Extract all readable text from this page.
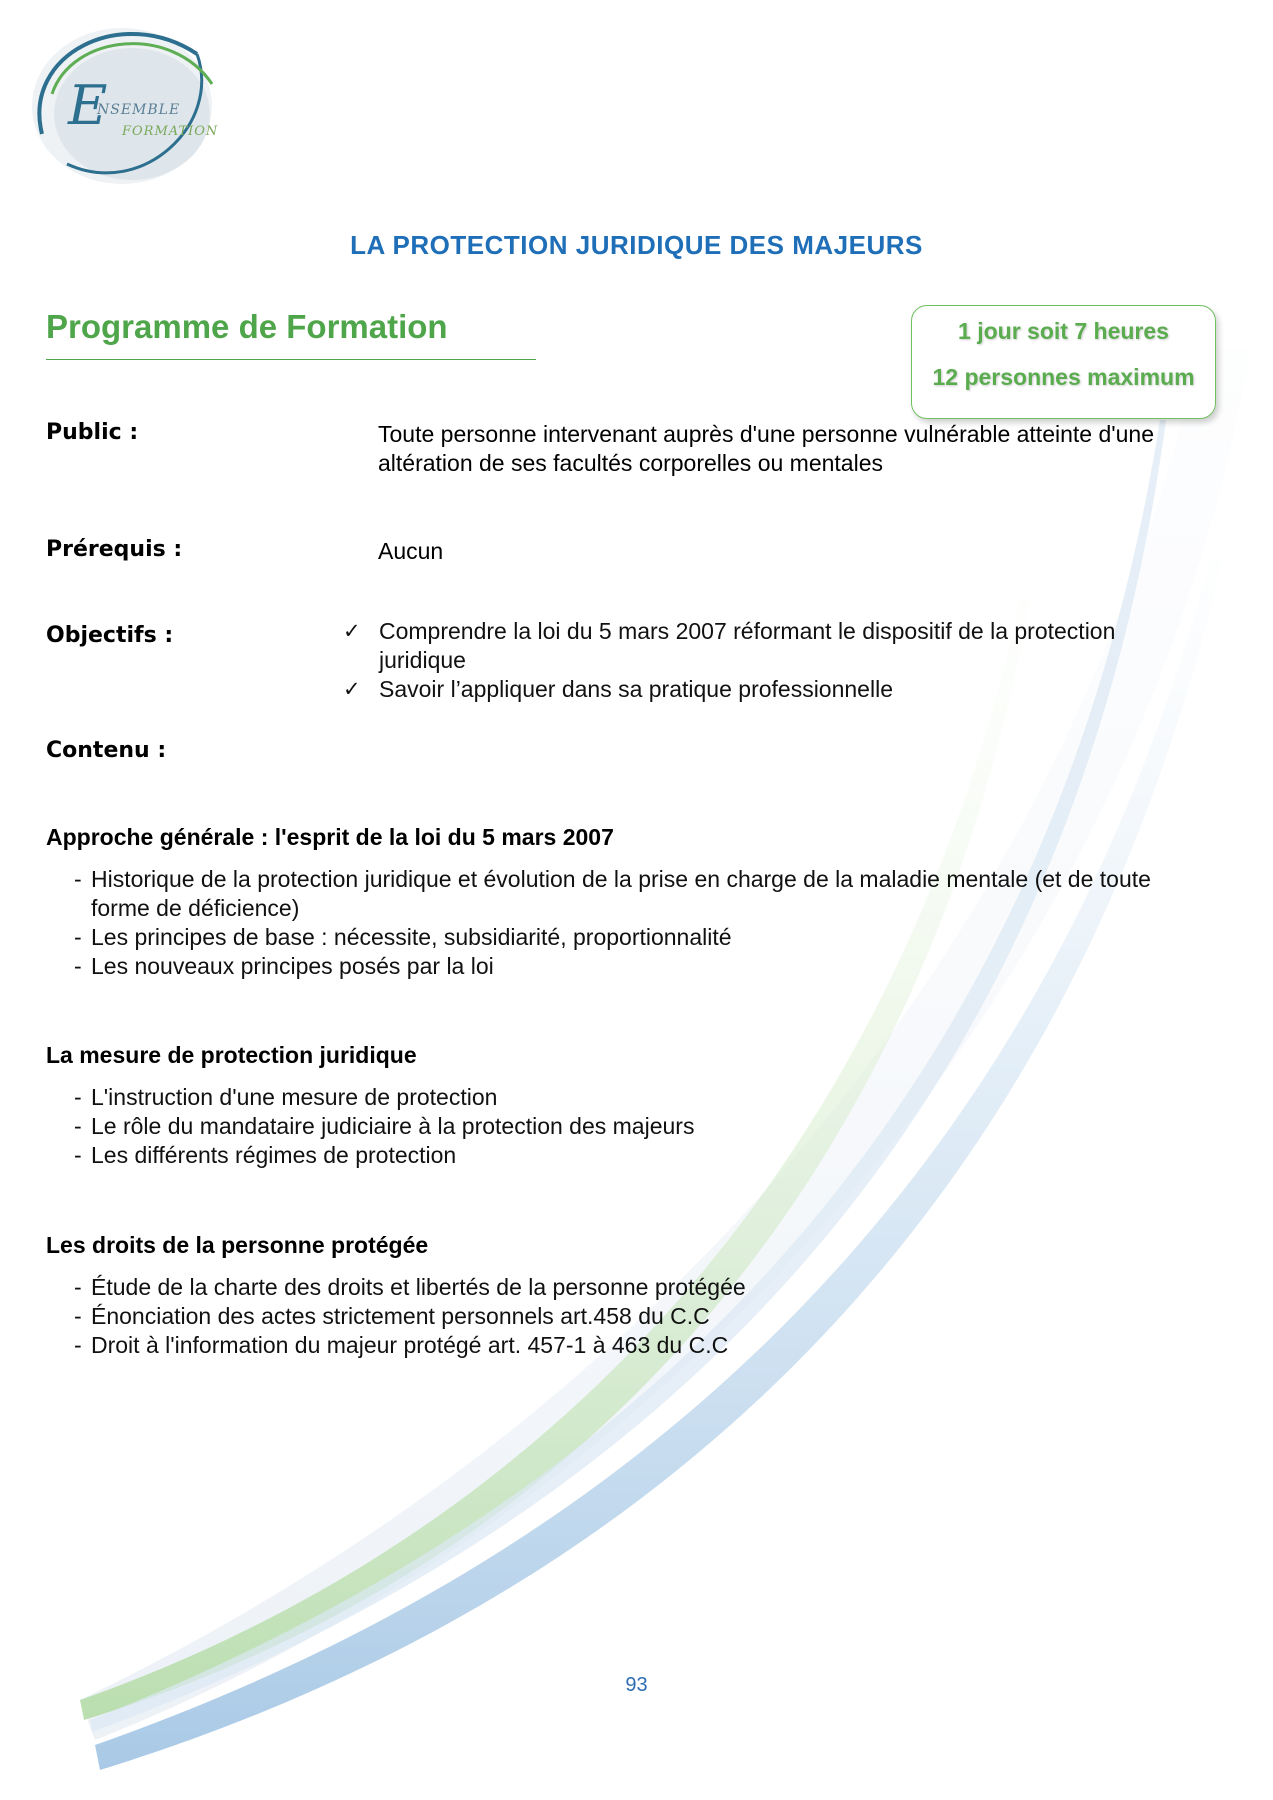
E
NSEMBLE
FORMATION
LA PROTECTION JURIDIQUE DES MAJEURS
Programme de Formation	1 jour soit 7 heures
12 personnes maximum
Public :	Toute personne intervenant auprès d'une personne vulnérable atteinte d'une altération de ses facultés corporelles ou mentales
Prérequis :	Aucun
Objectifs :	✓ Comprendre la loi du 5 mars 2007 réformant le dispositif de la protection juridique
✓ Savoir l’appliquer dans sa pratique professionnelle
Contenu :
Approche générale : l'esprit de la loi du 5 mars 2007
- Historique de la protection juridique et évolution de la prise en charge de la maladie mentale (et de toute forme de déficience)
- Les principes de base : nécessite, subsidiarité, proportionnalité
- Les nouveaux principes posés par la loi
La mesure de protection juridique
- L'instruction d'une mesure de protection
- Le rôle du mandataire judiciaire à la protection des majeurs
- Les différents régimes de protection
Les droits de la personne protégée
- Étude de la charte des droits et libertés de la personne protégée
- Énonciation des actes strictement personnels art.458 du C.C
- Droit à l'information du majeur protégé art. 457-1 à 463 du C.C
93
